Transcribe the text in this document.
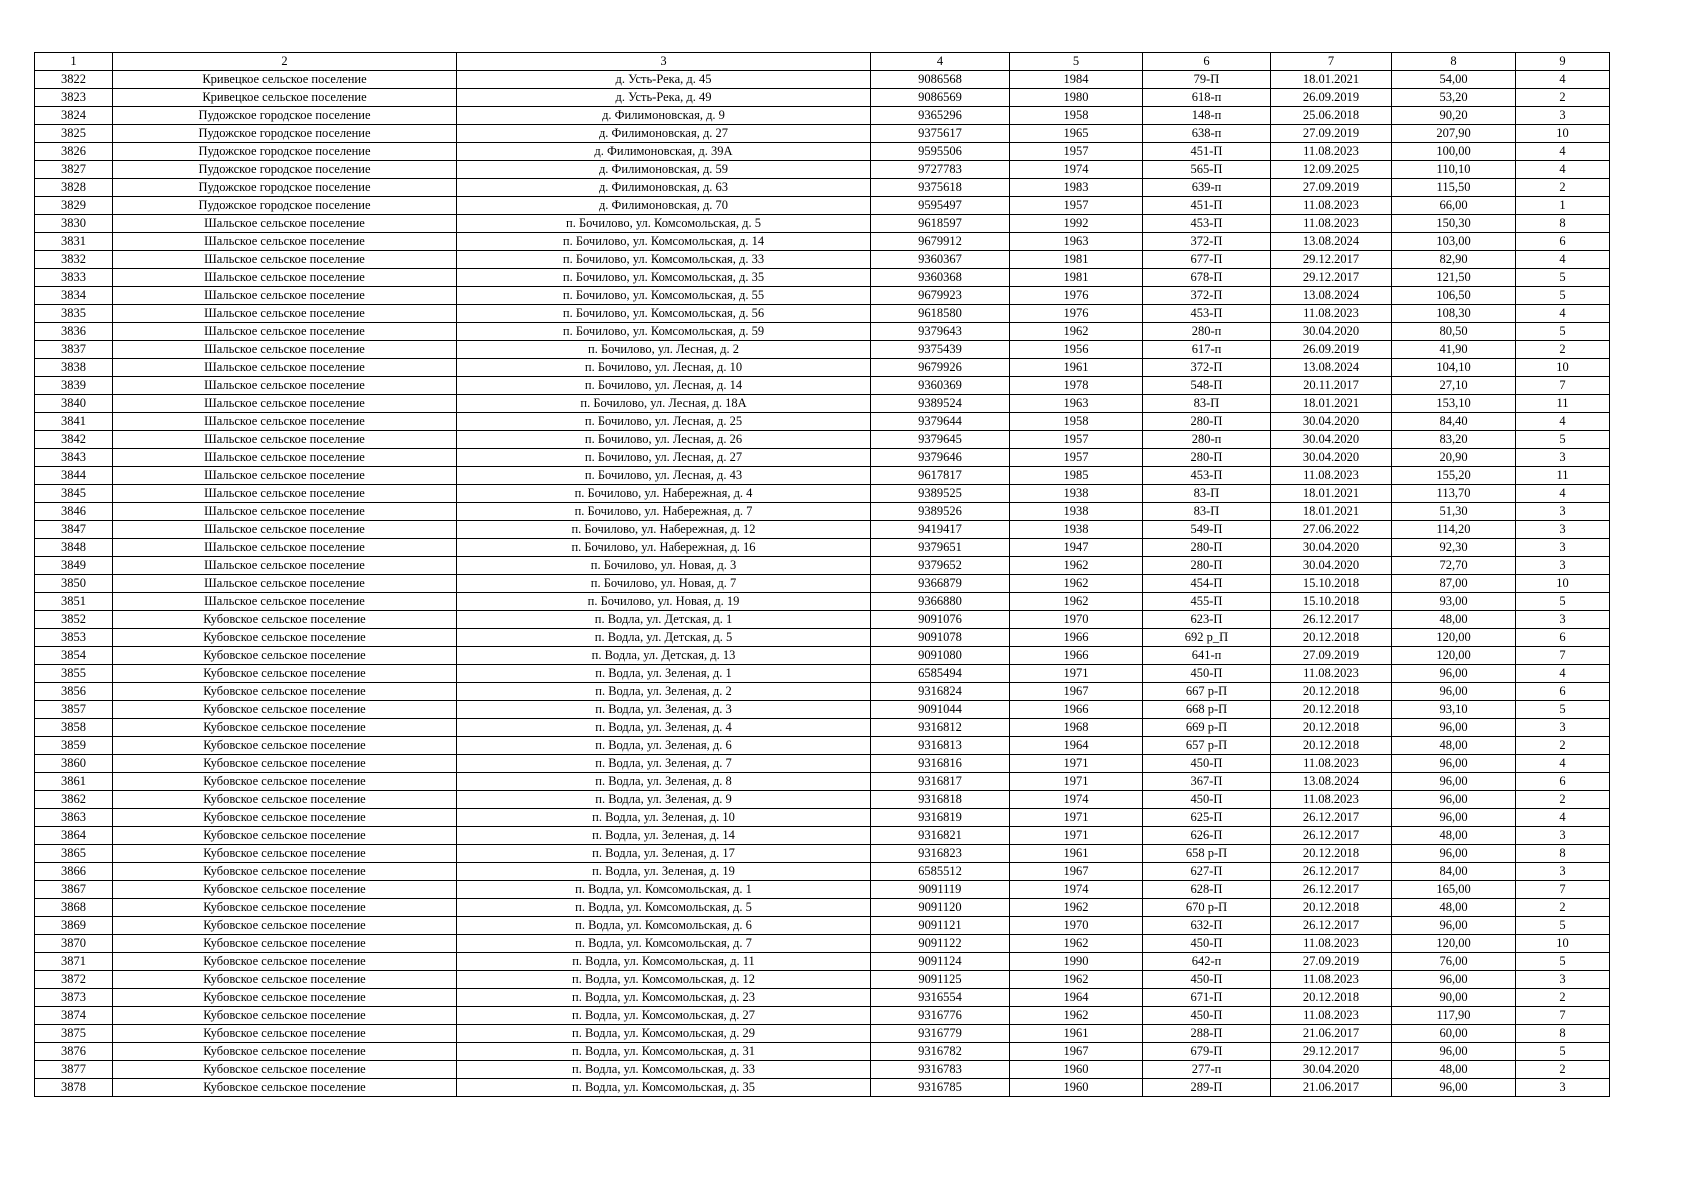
1	2	3	4	5	6	7	8	9
3822	Кривецкое сельское поселение	д. Усть-Река, д. 45	9086568	1984	79-П	18.01.2021	54,00	4
3823	Кривецкое сельское поселение	д. Усть-Река, д. 49	9086569	1980	618-п	26.09.2019	53,20	2
3824	Пудожское городское поселение	д. Филимоновская, д. 9	9365296	1958	148-п	25.06.2018	90,20	3
3825	Пудожское городское поселение	д. Филимоновская, д. 27	9375617	1965	638-п	27.09.2019	207,90	10
3826	Пудожское городское поселение	д. Филимоновская, д. 39А	9595506	1957	451-П	11.08.2023	100,00	4
3827	Пудожское городское поселение	д. Филимоновская, д. 59	9727783	1974	565-П	12.09.2025	110,10	4
3828	Пудожское городское поселение	д. Филимоновская, д. 63	9375618	1983	639-п	27.09.2019	115,50	2
3829	Пудожское городское поселение	д. Филимоновская, д. 70	9595497	1957	451-П	11.08.2023	66,00	1
3830	Шальское сельское поселение	п. Бочилово, ул. Комсомольская, д. 5	9618597	1992	453-П	11.08.2023	150,30	8
3831	Шальское сельское поселение	п. Бочилово, ул. Комсомольская, д. 14	9679912	1963	372-П	13.08.2024	103,00	6
3832	Шальское сельское поселение	п. Бочилово, ул. Комсомольская, д. 33	9360367	1981	677-П	29.12.2017	82,90	4
3833	Шальское сельское поселение	п. Бочилово, ул. Комсомольская, д. 35	9360368	1981	678-П	29.12.2017	121,50	5
3834	Шальское сельское поселение	п. Бочилово, ул. Комсомольская, д. 55	9679923	1976	372-П	13.08.2024	106,50	5
3835	Шальское сельское поселение	п. Бочилово, ул. Комсомольская, д. 56	9618580	1976	453-П	11.08.2023	108,30	4
3836	Шальское сельское поселение	п. Бочилово, ул. Комсомольская, д. 59	9379643	1962	280-п	30.04.2020	80,50	5
3837	Шальское сельское поселение	п. Бочилово, ул. Лесная, д. 2	9375439	1956	617-п	26.09.2019	41,90	2
3838	Шальское сельское поселение	п. Бочилово, ул. Лесная, д. 10	9679926	1961	372-П	13.08.2024	104,10	10
3839	Шальское сельское поселение	п. Бочилово, ул. Лесная, д. 14	9360369	1978	548-П	20.11.2017	27,10	7
3840	Шальское сельское поселение	п. Бочилово, ул. Лесная, д. 18А	9389524	1963	83-П	18.01.2021	153,10	11
3841	Шальское сельское поселение	п. Бочилово, ул. Лесная, д. 25	9379644	1958	280-П	30.04.2020	84,40	4
3842	Шальское сельское поселение	п. Бочилово, ул. Лесная, д. 26	9379645	1957	280-п	30.04.2020	83,20	5
3843	Шальское сельское поселение	п. Бочилово, ул. Лесная, д. 27	9379646	1957	280-П	30.04.2020	20,90	3
3844	Шальское сельское поселение	п. Бочилово, ул. Лесная, д. 43	9617817	1985	453-П	11.08.2023	155,20	11
3845	Шальское сельское поселение	п. Бочилово, ул. Набережная, д. 4	9389525	1938	83-П	18.01.2021	113,70	4
3846	Шальское сельское поселение	п. Бочилово, ул. Набережная, д. 7	9389526	1938	83-П	18.01.2021	51,30	3
3847	Шальское сельское поселение	п. Бочилово, ул. Набережная, д. 12	9419417	1938	549-П	27.06.2022	114,20	3
3848	Шальское сельское поселение	п. Бочилово, ул. Набережная, д. 16	9379651	1947	280-П	30.04.2020	92,30	3
3849	Шальское сельское поселение	п. Бочилово, ул. Новая, д. 3	9379652	1962	280-П	30.04.2020	72,70	3
3850	Шальское сельское поселение	п. Бочилово, ул. Новая, д. 7	9366879	1962	454-П	15.10.2018	87,00	10
3851	Шальское сельское поселение	п. Бочилово, ул. Новая, д. 19	9366880	1962	455-П	15.10.2018	93,00	5
3852	Кубовское сельское поселение	п. Водла, ул. Детская, д. 1	9091076	1970	623-П	26.12.2017	48,00	3
3853	Кубовское сельское поселение	п. Водла, ул. Детская, д. 5	9091078	1966	692 р_П	20.12.2018	120,00	6
3854	Кубовское сельское поселение	п. Водла, ул. Детская, д. 13	9091080	1966	641-п	27.09.2019	120,00	7
3855	Кубовское сельское поселение	п. Водла, ул. Зеленая, д. 1	6585494	1971	450-П	11.08.2023	96,00	4
3856	Кубовское сельское поселение	п. Водла, ул. Зеленая, д. 2	9316824	1967	667 р-П	20.12.2018	96,00	6
3857	Кубовское сельское поселение	п. Водла, ул. Зеленая, д. 3	9091044	1966	668 р-П	20.12.2018	93,10	5
3858	Кубовское сельское поселение	п. Водла, ул. Зеленая, д. 4	9316812	1968	669 р-П	20.12.2018	96,00	3
3859	Кубовское сельское поселение	п. Водла, ул. Зеленая, д. 6	9316813	1964	657 р-П	20.12.2018	48,00	2
3860	Кубовское сельское поселение	п. Водла, ул. Зеленая, д. 7	9316816	1971	450-П	11.08.2023	96,00	4
3861	Кубовское сельское поселение	п. Водла, ул. Зеленая, д. 8	9316817	1971	367-П	13.08.2024	96,00	6
3862	Кубовское сельское поселение	п. Водла, ул. Зеленая, д. 9	9316818	1974	450-П	11.08.2023	96,00	2
3863	Кубовское сельское поселение	п. Водла, ул. Зеленая, д. 10	9316819	1971	625-П	26.12.2017	96,00	4
3864	Кубовское сельское поселение	п. Водла, ул. Зеленая, д. 14	9316821	1971	626-П	26.12.2017	48,00	3
3865	Кубовское сельское поселение	п. Водла, ул. Зеленая, д. 17	9316823	1961	658 р-П	20.12.2018	96,00	8
3866	Кубовское сельское поселение	п. Водла, ул. Зеленая, д. 19	6585512	1967	627-П	26.12.2017	84,00	3
3867	Кубовское сельское поселение	п. Водла, ул. Комсомольская, д. 1	9091119	1974	628-П	26.12.2017	165,00	7
3868	Кубовское сельское поселение	п. Водла, ул. Комсомольская, д. 5	9091120	1962	670 р-П	20.12.2018	48,00	2
3869	Кубовское сельское поселение	п. Водла, ул. Комсомольская, д. 6	9091121	1970	632-П	26.12.2017	96,00	5
3870	Кубовское сельское поселение	п. Водла, ул. Комсомольская, д. 7	9091122	1962	450-П	11.08.2023	120,00	10
3871	Кубовское сельское поселение	п. Водла, ул. Комсомольская, д. 11	9091124	1990	642-п	27.09.2019	76,00	5
3872	Кубовское сельское поселение	п. Водла, ул. Комсомольская, д. 12	9091125	1962	450-П	11.08.2023	96,00	3
3873	Кубовское сельское поселение	п. Водла, ул. Комсомольская, д. 23	9316554	1964	671-П	20.12.2018	90,00	2
3874	Кубовское сельское поселение	п. Водла, ул. Комсомольская, д. 27	9316776	1962	450-П	11.08.2023	117,90	7
3875	Кубовское сельское поселение	п. Водла, ул. Комсомольская, д. 29	9316779	1961	288-П	21.06.2017	60,00	8
3876	Кубовское сельское поселение	п. Водла, ул. Комсомольская, д. 31	9316782	1967	679-П	29.12.2017	96,00	5
3877	Кубовское сельское поселение	п. Водла, ул. Комсомольская, д. 33	9316783	1960	277-п	30.04.2020	48,00	2
3878	Кубовское сельское поселение	п. Водла, ул. Комсомольская, д. 35	9316785	1960	289-П	21.06.2017	96,00	3
